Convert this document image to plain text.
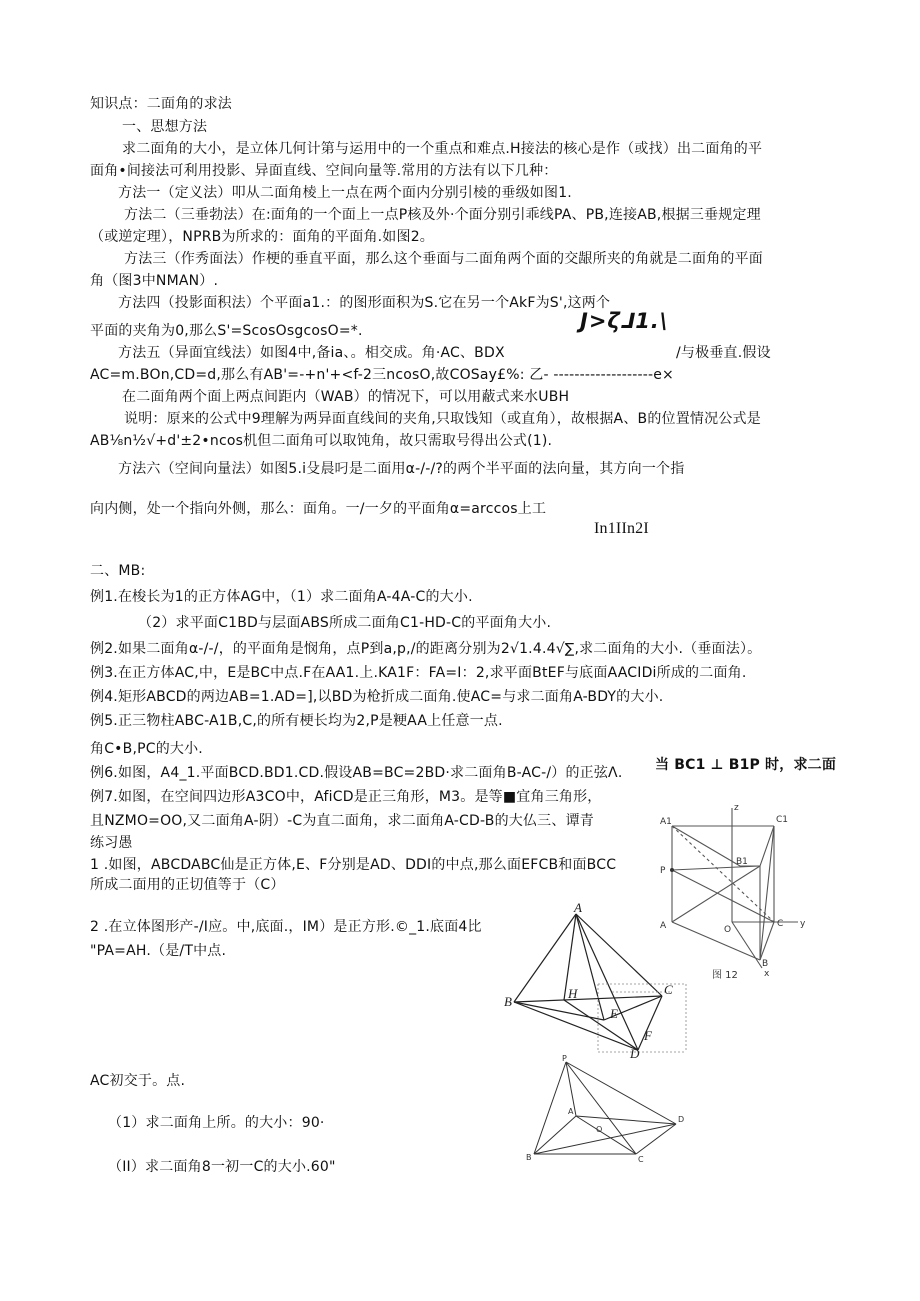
知识点：二面角的求法
一、思想方法
求二面角的大小，是立体几何计第与运用中的一个重点和难点.H接法的核心是作（或找）出二面角的平
面角•间接法可利用投影、异面直线、空间向量等.常用的方法有以下几种：
方法一（定义法）叩从二面角棱上一点在两个面内分别引棱的垂级如图1.
方法二（三垂勃法）在:面角的一个面上一点P核及外·个面分别引乖线PA、PB,连接AB,根据三垂规定理
（或逆定理），NPRB为所求的：面角的平面角.如图2。
方法三（作秀面法）作梗的垂直平面，那么这个垂面与二面角两个面的交龈所夹的角就是二面角的平面
角（图3中NMAN）.
方法四（投影面积法）个平面a1.：的图形面积为S.它在另一个AkF为S',这两个
平面的夹角为0,那么S'=ScosOsgcosO=*.	J>ζ⅃1.\
方法五（异面宜线法）如图4中,备ia、。相交成。角·AC、BDX	/与极垂直.假设
AC=m.BOn,CD=d,那么有AB'=-+n'+<f-2三ncosO,故COSay£%: 乙- -------------------e×
在二面角两个面上两点间距内（WAB）的情况下，可以用蔽式来水UBH
说明：原来的公式中9理解为两异面直线间的夹角,只取饯知（或直角），故根据A、B的位置情况公式是
AB⅛n½√+d'±2•ncos机但二面角可以取饨角，故只需取号得出公式(1).
方法六（空间向量法）如图5.i殳晨叼是二面用α-/-/?的两个半平面的法向量，其方向一个指
向内侧，处一个指向外侧，那么：面角。一/一夕的平面角α=arccos上工
In1IIn2I
二、MB:
例1.在梭长为1的正方体AG中，（1）求二面角A-4A-C的大小.
（2）求平面C1BD与层面ABS所成二面角C1-HD-C的平面角大小.
例2.如果二面角α-/-/，的平面角是悯角，点P到a,p,/的距离分别为2√1.4.4√∑,求二面角的大小.（垂面法）。
例3.在正方体AC,中，E是BC中点.F在AA1.上.KA1F：FA=I：2,求平面BtEF与底面AACIDi所成的二面角.
例4.矩形ABCD的两边AB=1.AD=],以BD为枪折成二面角.使AC=与求二面角A-BDY的大小.
例5.正三物柱ABC-A1B,C,的所有梗长均为2,P是粳AA上任意一点.
角C•B,PC的大小.
当 BC1 ⊥ B1P 时，求二面
例6.如图，A4_1.平面BCD.BD1.CD.假设AB=BC=2BD·求二面角B-AC-/）的正弦Λ.
例7.如图，在空间四边形A3CO中，AfiCD是正三角形，M3。是等■宜角三角形，
且NZMO=OO,又二面角A-阴）-C为直二面角，求二面角A-CD-B的大仏三、谭青
练习愚
1 .如图，ABCDABC仙是正方体,E、F分别是AD、DDI的中点,那么面EFCB和面BCC
所成二面用的正切值等于（C）
2 .在立体图形产-/I应。中,底面.，IM）是正方形.©_1.底面4比
"PA=AH.（是/T中点.
AC初交于。点.
（1）求二面角上所。的大小：90·
（II）求二面角8一初一C的大小.60"
z
A1	C1
B1
P
A	C
O
B
y
x
图 12
A
B
H	C
F
D
E
P
A
O
B	C
D
